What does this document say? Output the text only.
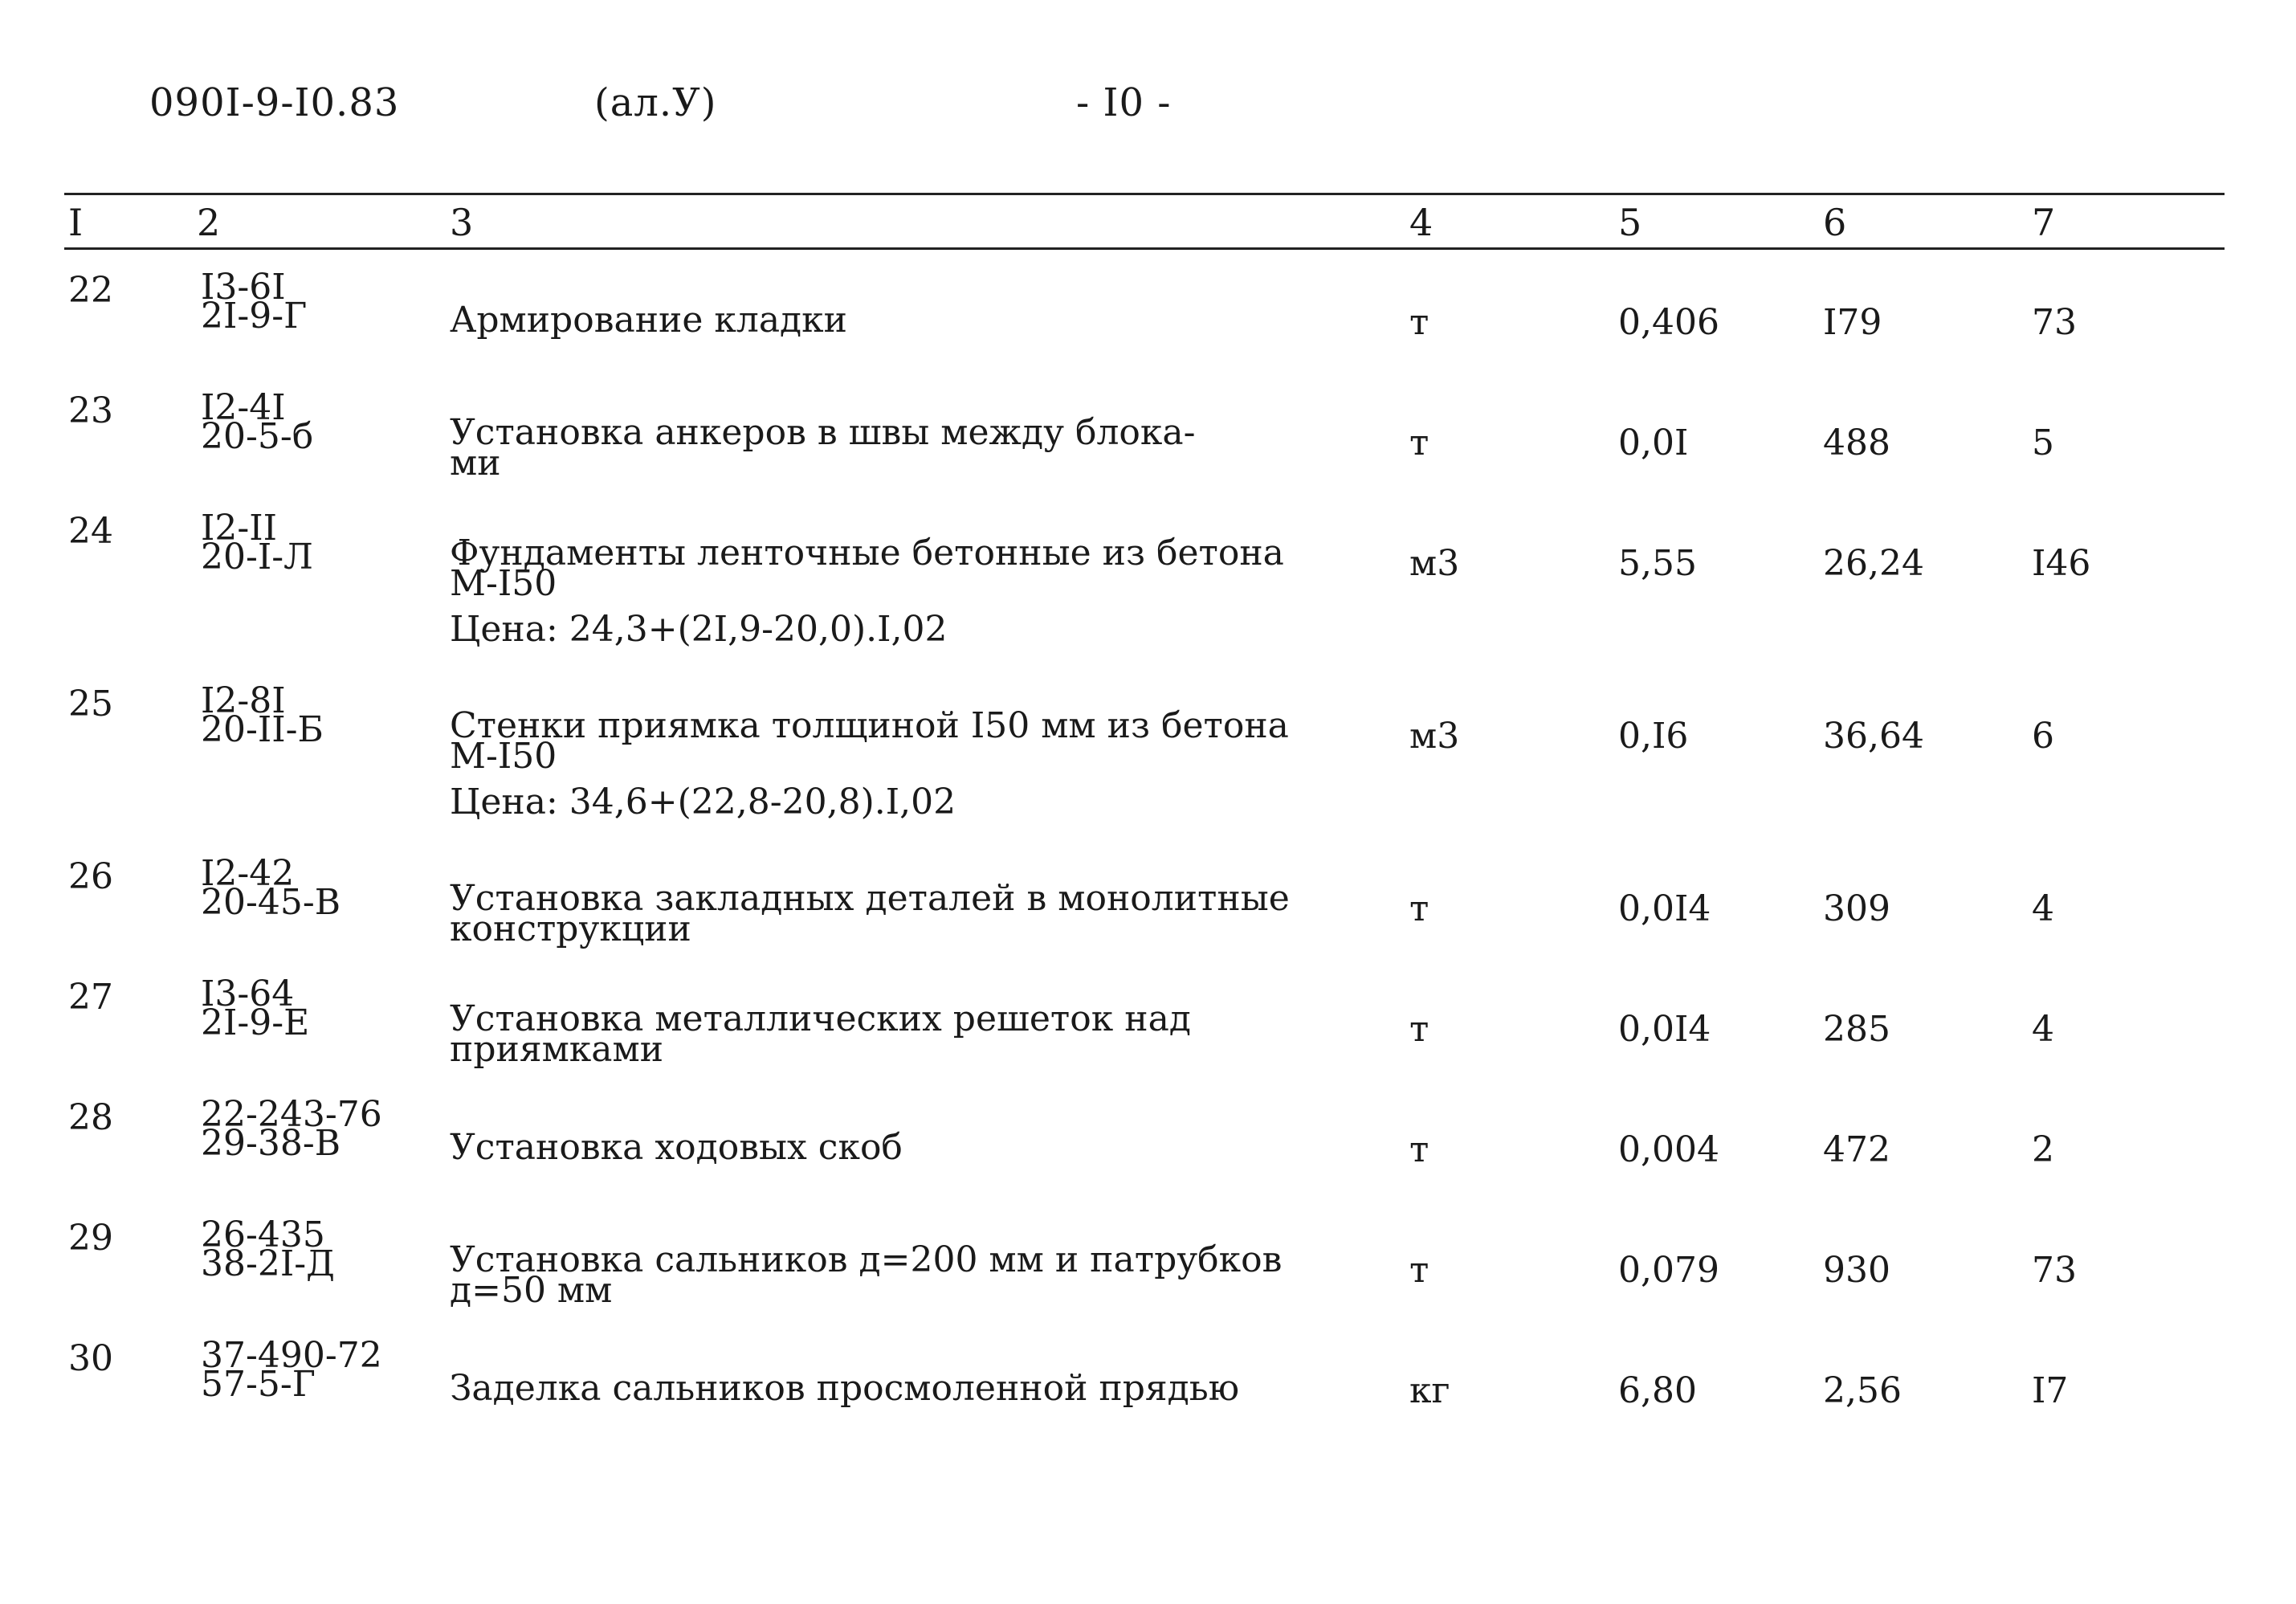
090I-9-I0.83	(ал.У)	- I0 -
I	2	3	4	5	6	7
22 I3-6I
2I-9-Г	Армирование кладки	т	0,406	I79	73
23 I2-4I
20-5-б	Установка анкеров в швы между блока-
ми	т	0,0I	488	5
24 I2-II
20-I-Л	Фундаменты ленточные бетонные из бетона
М-I50
Цена: 24,3+(2I,9-20,0).I,02
м3	5,55	26,24	I46
25 I2-8I
20-II-Б	Стенки приямка толщиной I50 мм из бетона
М-I50
Цена: 34,6+(22,8-20,8).I,02
м3	0,I6	36,64	6
26 I2-42
20-45-В	Установка закладных деталей в монолитные
конструкции	т	0,0I4	309	4
27 I3-64
2I-9-Е	Установка металлических решеток над
приямками	т	0,0I4	285	4
28 22-243-76
29-38-В	Установка ходовых скоб	т	0,004	472	2
29 26-435
38-2I-Д	Установка сальников д=200 мм и патрубков
д=50 мм	т	0,079	930	73
30 37-490-72
57-5-Г	Заделка сальников просмоленной прядью	кг	6,80	2,56	I7
